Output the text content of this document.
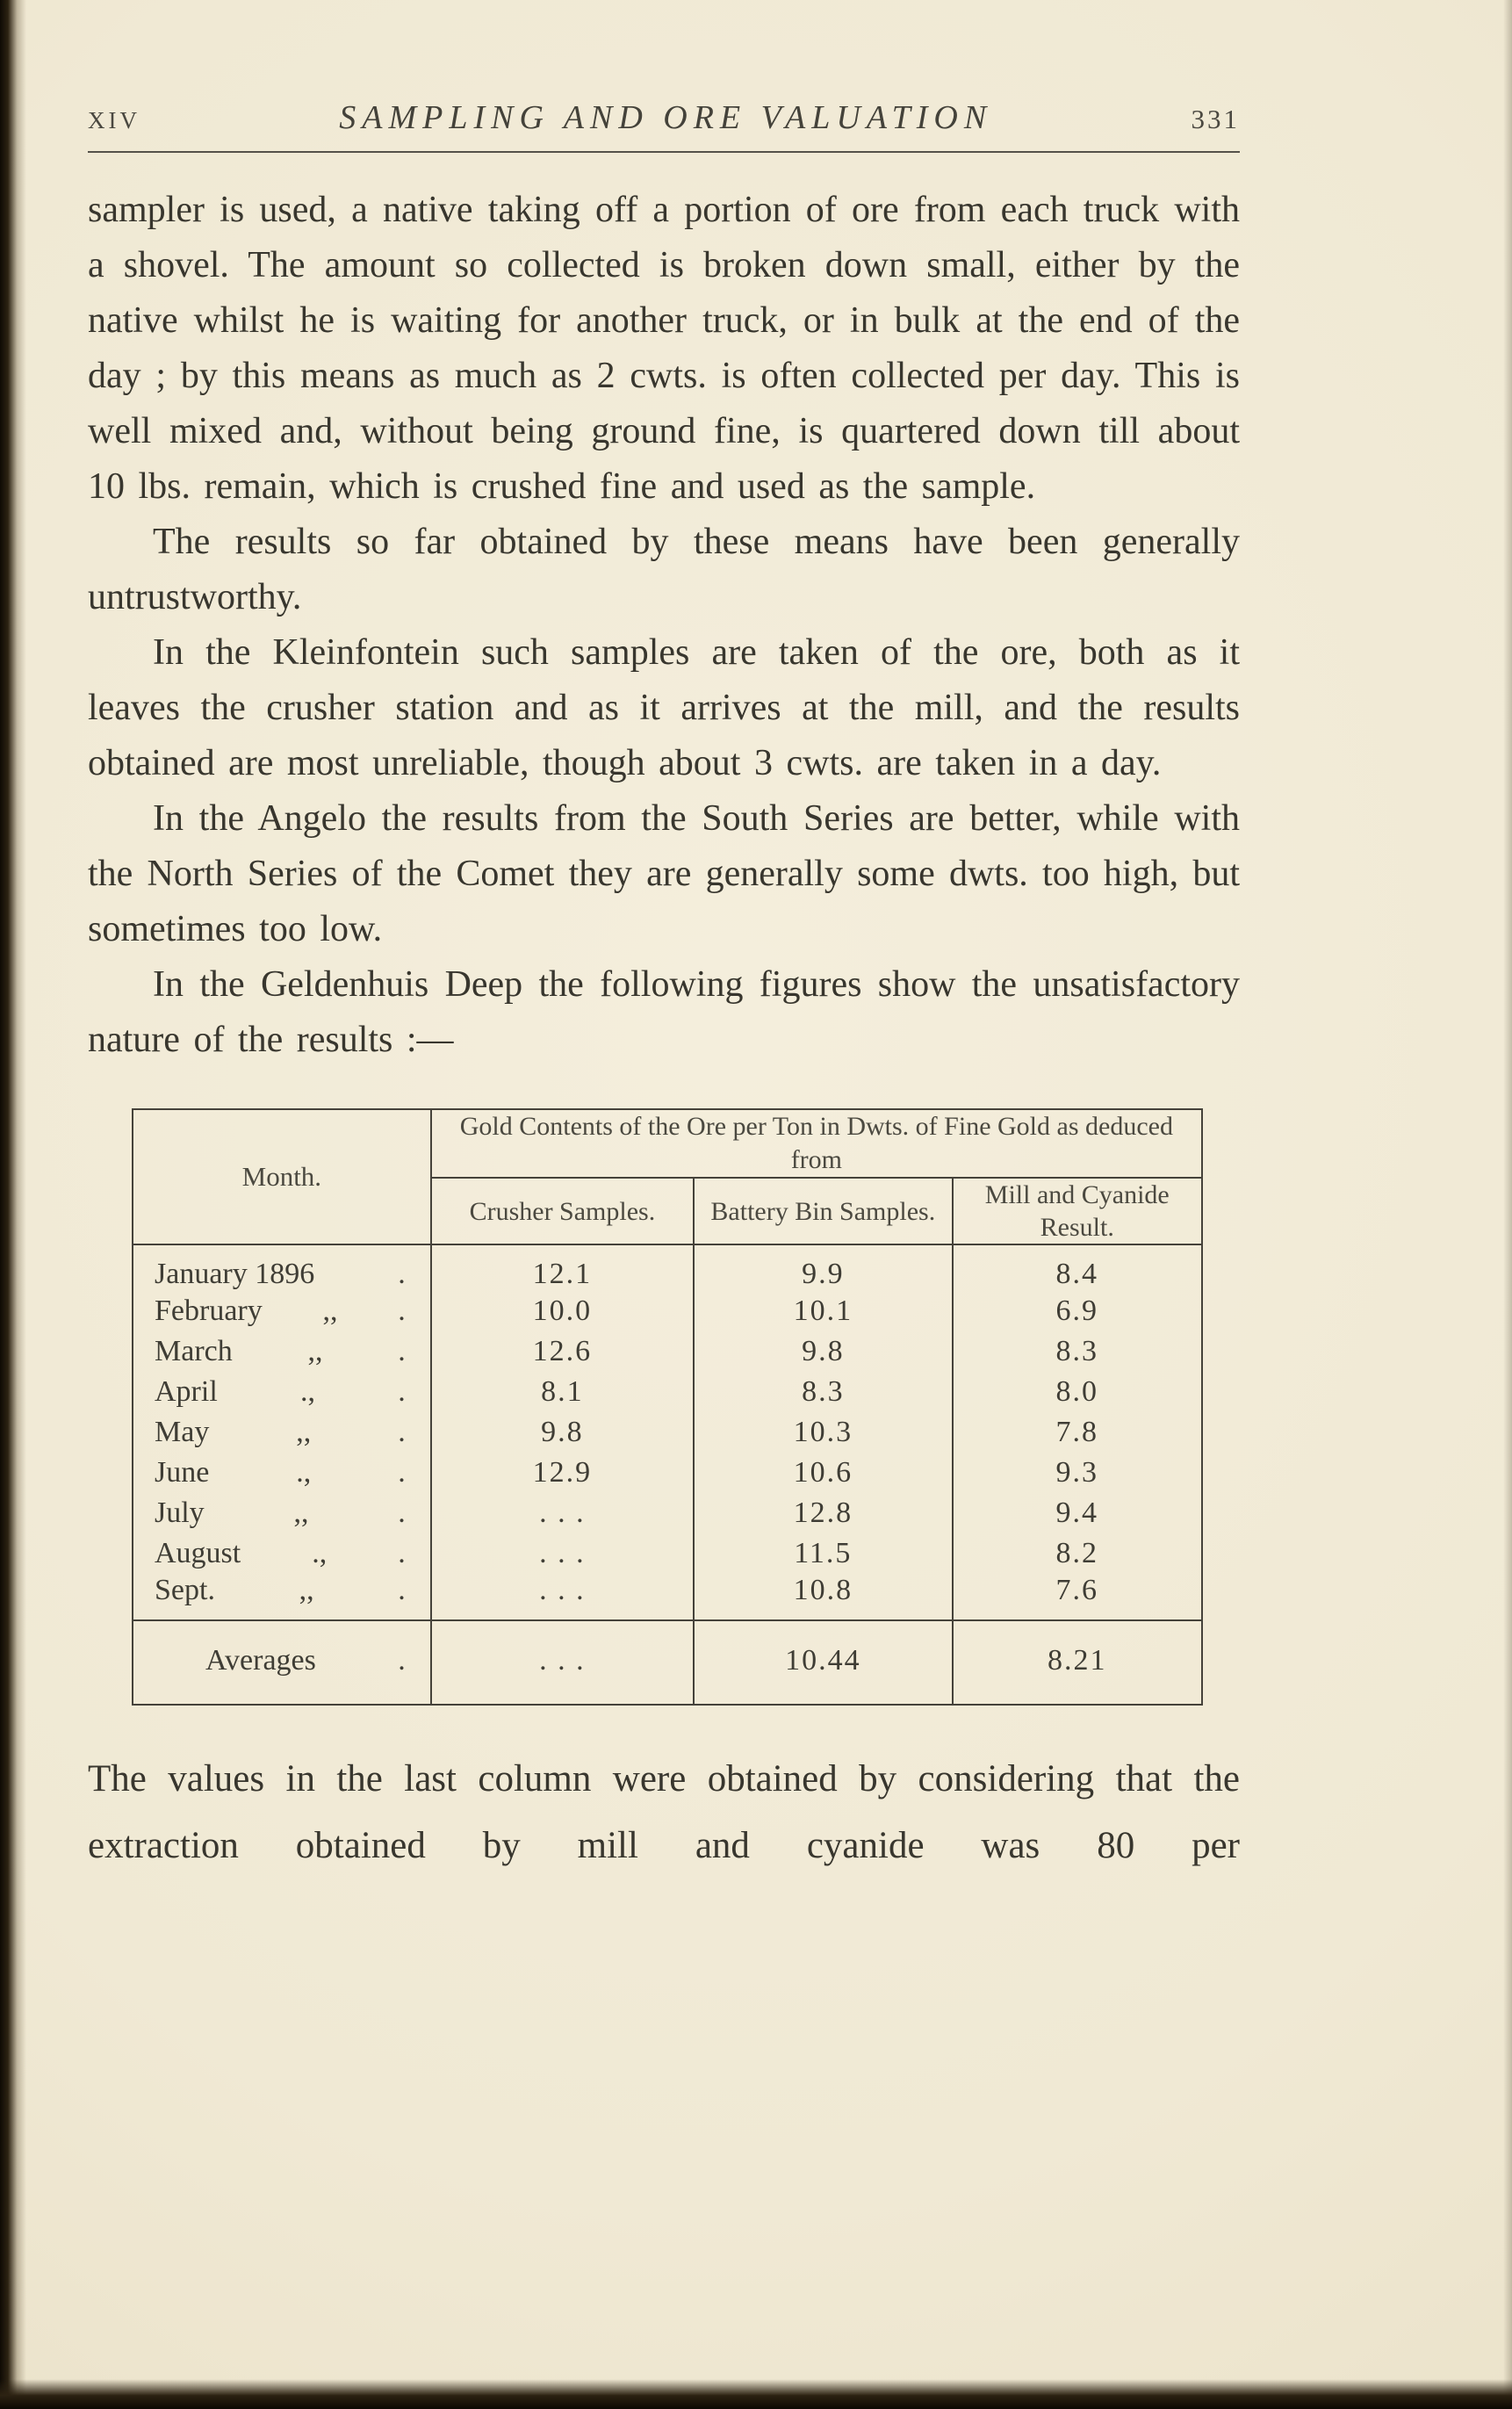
XIV	SAMPLING AND ORE VALUATION	331

sampler is used, a native taking off a portion of ore from each truck with a shovel. The amount so collected is broken down small, either by the native whilst he is waiting for another truck, or in bulk at the end of the day ; by this means as much as 2 cwts. is often collected per day. This is well mixed and, without being ground fine, is quartered down till about 10 lbs. remain, which is crushed fine and used as the sample.

The results so far obtained by these means have been generally untrustworthy.

In the Kleinfontein such samples are taken of the ore, both as it leaves the crusher station and as it arrives at the mill, and the results obtained are most unreliable, though about 3 cwts. are taken in a day.

In the Angelo the results from the South Series are better, while with the North Series of the Comet they are generally some dwts. too high, but sometimes too low.

In the Geldenhuis Deep the following figures show the unsatisfactory nature of the results :—

Month.	Gold Contents of the Ore per Ton in Dwts. of Fine Gold as deduced from		
	Crusher Samples.	Battery Bin Samples.	Mill and Cyanide Result.

January 1896 .	12.1	9.9	8.4

February ,, .	10.0	10.1	6.9

March ,, .	12.6	9.8	8.3

April ., .	8.1	8.3	8.0

May ,, .	9.8	10.3	7.8

June ., .	12.9	10.6	9.3

July ,, .	. . .	12.8	9.4

August ., .	. . .	11.5	8.2

Sept. ,, .	. . .	10.8	7.6

Averages .	. . .	10.44	8.21

The values in the last column were obtained by considering that the extraction obtained by mill and cyanide was 80 per
